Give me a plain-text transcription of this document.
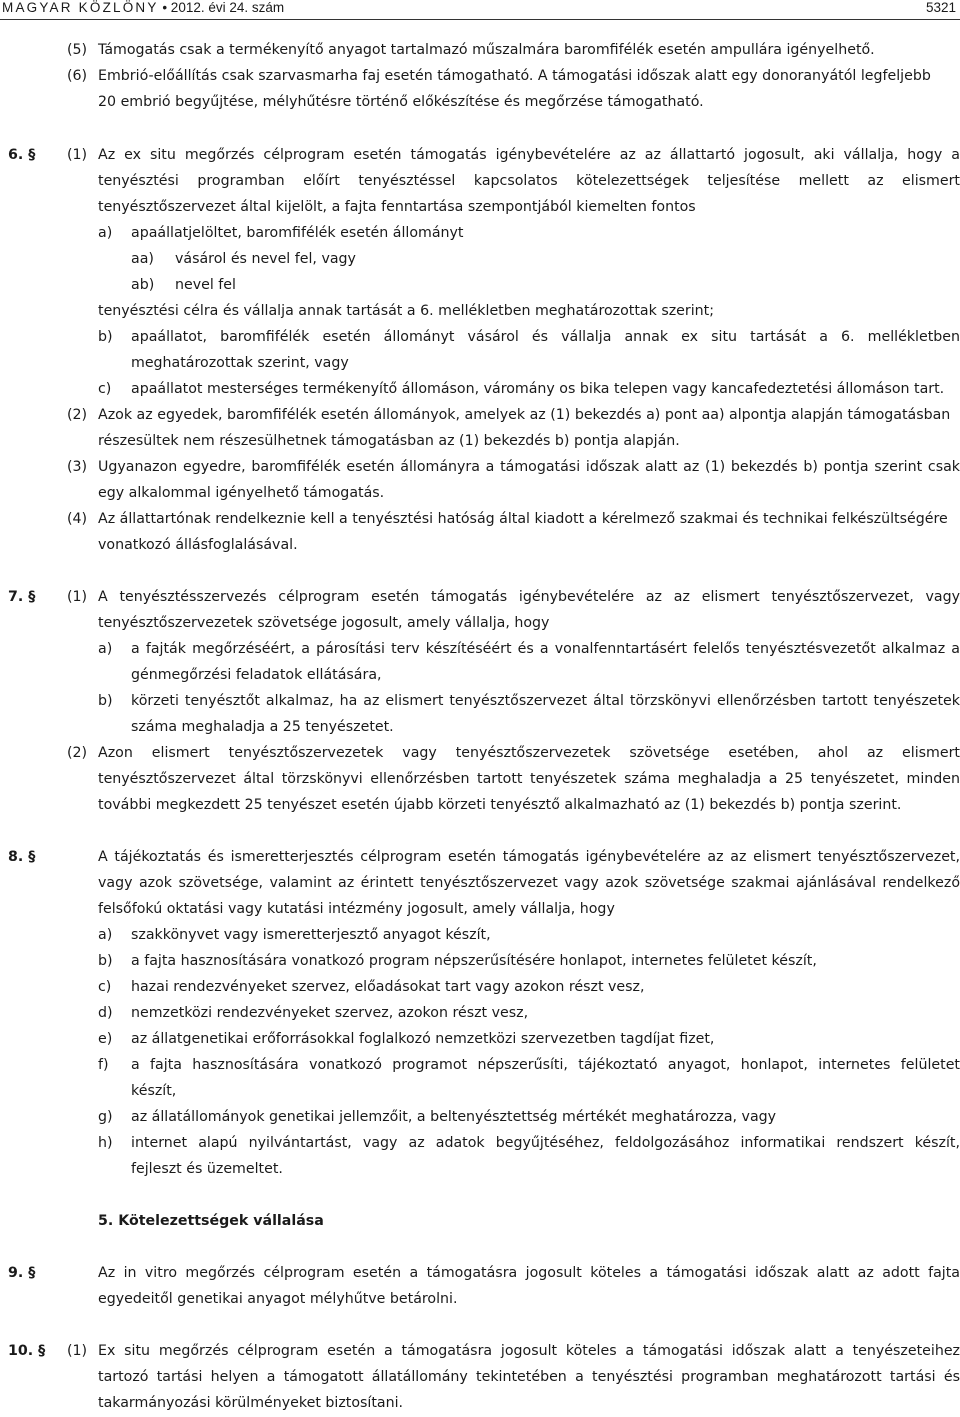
MAGYAR KÖZLÖNY • 2012. évi 24. szám	5321
(5) Támogatás csak a termékenyítő anyagot tartalmazó műszalmára baromfifélék esetén ampullára igényelhető.
(6) Embrió-előállítás csak szarvasmarha faj esetén támogatható. A támogatási időszak alatt egy donoranyától legfeljebb
20 embrió begyűjtése, mélyhűtésre történő előkészítése és megőrzése támogatható.
6. § (1) Az ex situ megőrzés célprogram esetén támogatás igénybevételére az az állattartó jogosult, aki vállalja, hogy a
tenyésztési programban előírt tenyésztéssel kapcsolatos kötelezettségek teljesítése mellett az elismert
tenyésztőszervezet által kijelölt, a fajta fenntartása szempontjából kiemelten fontos
a) apaállatjelöltet, baromfifélék esetén állományt
aa) vásárol és nevel fel, vagy
ab) nevel fel
tenyésztési célra és vállalja annak tartását a 6. mellékletben meghatározottak szerint;
b) apaállatot, baromfifélék esetén állományt vásárol és vállalja annak ex situ tartását a 6. mellékletben
meghatározottak szerint, vagy
c) apaállatot mesterséges termékenyítő állomáson, váromány os bika telepen vagy kancafedeztetési állomáson tart.
(2) Azok az egyedek, baromfifélék esetén állományok, amelyek az (1) bekezdés a) pont aa) alpontja alapján támogatásban
részesültek nem részesülhetnek támogatásban az (1) bekezdés b) pontja alapján.
(3) Ugyanazon egyedre, baromfifélék esetén állományra a támogatási időszak alatt az (1) bekezdés b) pontja szerint csak
egy alkalommal igényelhető támogatás.
(4) Az állattartónak rendelkeznie kell a tenyésztési hatóság által kiadott a kérelmező szakmai és technikai felkészültségére
vonatkozó állásfoglalásával.
7. § (1) A tenyésztésszervezés célprogram esetén támogatás igénybevételére az az elismert tenyésztőszervezet, vagy
tenyésztőszervezetek szövetsége jogosult, amely vállalja, hogy
a) a fajták megőrzéséért, a párosítási terv készítéséért és a vonalfenntartásért felelős tenyésztésvezetőt alkalmaz a
génmegőrzési feladatok ellátására,
b) körzeti tenyésztőt alkalmaz, ha az elismert tenyésztőszervezet által törzskönyvi ellenőrzésben tartott tenyészetek
száma meghaladja a 25 tenyészetet.
(2) Azon elismert tenyésztőszervezetek vagy tenyésztőszervezetek szövetsége esetében, ahol az elismert
tenyésztőszervezet által törzskönyvi ellenőrzésben tartott tenyészetek száma meghaladja a 25 tenyészetet, minden
további megkezdett 25 tenyészet esetén újabb körzeti tenyésztő alkalmazható az (1) bekezdés b) pontja szerint.
8. §	A tájékoztatás és ismeretterjesztés célprogram esetén támogatás igénybevételére az az elismert tenyésztőszervezet,
vagy azok szövetsége, valamint az érintett tenyésztőszervezet vagy azok szövetsége szakmai ajánlásával rendelkező
felsőfokú oktatási vagy kutatási intézmény jogosult, amely vállalja, hogy
a) szakkönyvet vagy ismeretterjesztő anyagot készít,
b) a fajta hasznosítására vonatkozó program népszerűsítésére honlapot, internetes felületet készít,
c) hazai rendezvényeket szervez, előadásokat tart vagy azokon részt vesz,
d) nemzetközi rendezvényeket szervez, azokon részt vesz,
e) az állatgenetikai erőforrásokkal foglalkozó nemzetközi szervezetben tagdíjat fizet,
f) a fajta hasznosítására vonatkozó programot népszerűsíti, tájékoztató anyagot, honlapot, internetes felületet
készít,
g) az állatállományok genetikai jellemzőit, a beltenyésztettség mértékét meghatározza, vagy
h) internet alapú nyilvántartást, vagy az adatok begyűjtéséhez, feldolgozásához informatikai rendszert készít,
fejleszt és üzemeltet.
5. Kötelezettségek vállalása
9. §	Az in vitro megőrzés célprogram esetén a támogatásra jogosult köteles a támogatási időszak alatt az adott fajta
egyedeitől genetikai anyagot mélyhűtve betárolni.
10. § (1) Ex situ megőrzés célprogram esetén a támogatásra jogosult köteles a támogatási időszak alatt a tenyészeteihez
tartozó tartási helyen a támogatott állatállomány tekintetében a tenyésztési programban meghatározott tartási és
takarmányozási körülményeket biztosítani.
